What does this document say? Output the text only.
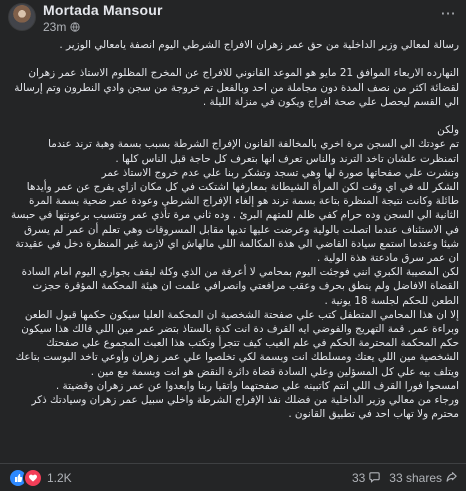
Mortada Mansour
23m
···

رسالة لمعالي وزير الداخلية من حق عمر زهران الافراج الشرطي اليوم انصفة يامعالي الوزير .

النهارده الاربعاء الموافق 21 مايو هو الموعد القانوني للافراج عن المخرج المظلوم الاستاذ عمر زهران لقضائة اكثر من نصف المدة دون مجاملة من احد وبالفعل تم خروجة من سجن وادي النطرون وتم إرسالة الي القسم ليحصل علي صحة افراج ويكون في منزلة الليلة .

ولكن

تم عودتك الي السجن مرة اخري بالمخالفة القانون الإفراج الشرطة بسبب بسمة وهبة ترند عندما اتمنظرت علشان تاخد الترند والناس تعرف انها بتعرف كل حاجة قبل الناس كلها .

ونشرت علي صفحاتها صورة لها وهي تسجد وتشكر ربنا علي عدم خروج الاستاذ عمر

الشكر لله في اي وقت لكن المرأة الشيطانة بمعارفها اشتكت في كل مكان ازاي يفرج عن عمر وأيدها طائلة وكانت نتيجة المنظرة بتاعة بسمة ترند هو إلغاء الإفراج الشرطي وعودة عمر ضحية بسمة المرة الثانية الي السجن وده حرام كفي ظلم للمتهم البرئ . وده ثاني مرة تأذي عمر وتتسبب برعونتها في حبسة في الاستئناف عندما اتصلت بالولية وعرضت عليها تديها مقابل المسروقات وهي تعلم أن عمر لم يسرق شيئا وعندما استمع سيادة القاضي الي هذة المكالمة اللي مالهاش اي لازمة غير المنظرة دخل في عقيدتة ان عمر سرق مادعتة هذة الولية .

لكن المصيبة الكبري انني فوجئت اليوم بمحامي لا أعرفة من الذي وكلة ليقف بجواري اليوم امام السادة القضاة الافاضل ولم ينطق بحرف وعقب مرافعتي وانصرافي علمت ان هيئة المحكمة المؤقرة حجزت الطعن للحكم لجلسة 18 يونية .

إلا ان هذا المحامي المتطفل كتب علي صفحتة الشخصية ان المحكمة العليا سيكون حكمها قبول الطعن وبراءة عمر. قمة التهريج والفوضي ايه القرف دة انت كدة بالستاذ بتضر عمر مين اللي قالك هذا سيكون حكم المحكمة المحترمة الحكم في علم الغيب كيف تتجرأ وتكتب هذا العبث المجموع علي صفحتك الشخصية مين اللي يعتك ومسلطك انت وبسمة لكي تخلصوا علي عمر زهران وأوعي تاخد البوست بتاعك ويتلف بيه علي كل المسؤلين وعلي السادة قضاة دائرة النقض هو انت وبسمة مع مين .

امسحوا فورا القرف اللي انتم كاتبينه علي صفحتهما واتقيا ربنا وابعدوا عن عمر زهران وقضيتة .

ورجاء من معالي وزير الداخلية من فضلك نفذ الإفراج الشرطة واخلي سبيل عمر زهران وسيادتك ذكر محترم ولا تهاب احد في تطبيق القانون .

1.2K	33 33 shares
